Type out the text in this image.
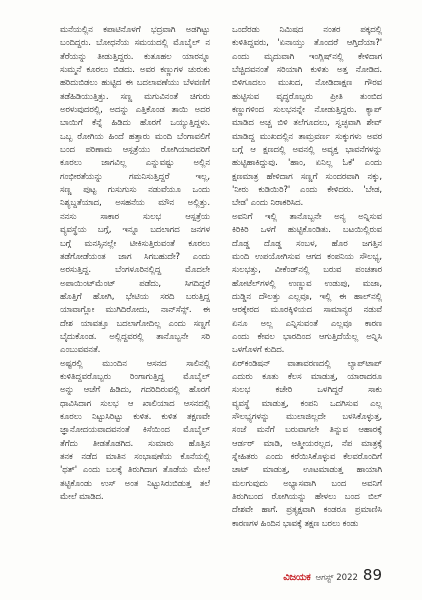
ಮನೆಯಲ್ಲಿನ ಕಪಾಟಿನೊಳಗೆ ಭದ್ರವಾಗಿ ಅಡಗಿಟ್ಟು
ಬಂದಿದ್ದರು. ಬೋಧನೆಯ ಸಮಯದಲ್ಲಿ ಮೊಬೈಲ್ ನ
ತೆರೆಯನ್ನು ತೀಡುತ್ತಿದ್ದರು. ಕುತೂಹಲ ಯಾರನ್ನೂ
ಸುಮ್ಮನೆ ಕೂರಲು ಬಿಡದು. ಅವರ ಕಣ್ಣುಗಳ ಚುರುಕು
ಹರಿದುಬಿಡಲು ಹುಟ್ಟಿದ ಈ ಬದಲಾವಣೆಯು ಬೆಳವಣಿಗೆ
ತಡೆಹಿಡಿಯುತ್ತಿತ್ತು. ಸಣ್ಣ ಮಗುವಿನಂತೆ ಚಿಗುರು
ಅರಳುವುದರಲ್ಲಿ, ಅದನ್ನು ಎತ್ತಿಕೊಂಡ ತಾಯಿ ಅದರ
ಬಾಯಿಗೆ ಕೆನ್ನೆ ಹಿಡಿದು ಹೊರಗೆ ಒಯ್ಯುತ್ತಿದ್ದಳು.
ಒಬ್ಬ ರೋಗಿಯ ಹಿಂದೆ ಹತ್ತಾರು ಮಂದಿ ಬೆಂಗಾವಲಿಗೆ
ಬಂದ ಪರಿಣಾಮ ಆಸ್ಪತ್ರೆಯು ರೋಗಿಯಾದವರಿಗೆ
ಕೂರಲು ಜಾಗವಿಲ್ಲ ಎನ್ನುವಷ್ಟು ಅಲ್ಲಿನ
ಗಂಭೀರತೆಯನ್ನು ಗಮನಿಸುತ್ತಿದ್ದರೆ ಇಲ್ಲ,
ಸಣ್ಣ ಪುಟ್ಟ ಗುಸುಗುಸು ನಡುವೆಯೂ ಒಂದು
ನಿಶ್ಯಬ್ದತೆಯಾದ, ಅಸಹನೆಯ ಮೌನ ಅಲ್ಲಿತ್ತು.
ನನಸು ಸಾಕಾರ ಸುಲಭ ಆಸ್ಪತ್ರೆಯ
ವ್ಯವಸ್ಥೆಯ ಬಗ್ಗೆ, ಇನ್ನೂ ಬದಲಾಗದ ಜನಗಳ
ಬಗ್ಗೆ ಮನಸ್ಸಿನಲ್ಲೇ ಟೀಕಿಸುತ್ತಿರುವಂತೆ ಕೂರಲು
ತಡೆಗೋಡೆಯಂತ ಜಾಗ ಸಿಗಬಹುದೇ? ಎಂದು
ಅರಸುತ್ತಿದ್ದ. ಬೆಂಗಳೂರಿನಲ್ಲಿದ್ದ ಮೊದಲೇ
ಅಪಾಯಿಂಟ್‌ಮೆಂಟ್ ಪಡೆದು, ಸಿಗದಿದ್ದರೆ
ಹೊತ್ತಿಗೆ ಹೋಗಿ, ಭೇಟಿಯ ಸರದಿ ಬರುತ್ತಿದ್ದ
ಯಾವಾಗ್ಲೋ ಮುಗಿದಿರೋದು, ನಾನ್‌ಸೆನ್ಸ್. ಈ
ದೇಶ ಯಾವತ್ತೂ ಬದಲಾಗೋದಿಲ್ಲ ಎಂದು ಸಣ್ಣಗೆ
ಬೈದುಕೊಂಡ. ಅಲ್ಲಿದ್ದವರಲ್ಲಿ ತಾನೊಬ್ಬನೇ ಸರಿ
ಎಂಬುವವನತೆ.
ಅಷ್ಟರಲ್ಲಿ ಮುಂದಿನ ಆಸನದ ಸಾಲಿನಲ್ಲಿ
ಕುಳಿತಿದ್ದವರೊಬ್ಬರು ರಿಂಗಾಗುತ್ತಿದ್ದ ಮೊಬೈಲ್
ಅನ್ನು ಆಚೆಗೆ ಹಿಡಿದು, ಗದರಿದಿರುವಲ್ಲಿ ಹೊರಗೆ
ಧಾವಿಸಿದಾಗ ಸುಲಭ ಆ ಖಾಲಿಯಾದ ಆಸನದಲ್ಲಿ
ಕೂರಲು ನಿಟ್ಟುಸಿರಿಟ್ಟು ಕುಳಿತ. ಕುಳಿತ ತಕ್ಷಣವೇ
ಜ್ಞಾನೋದಯವಾದವನಂತೆ ಕಿಸೆಯಿಂದ ಮೊಬೈಲ್
ತೆಗೆದು ತೀಡತೊಡಗಿದ. ಸುಮಾರು ಹೊತ್ತಿನ
ತನಕ ನಡೆದ ಮಾತಿನ ಸಂಭಾಷಣೆಯ ಕೊನೆಯಲ್ಲಿ
'ಥತ್' ಎಂದು ಬಲಕ್ಕೆ ತಿರುಗಿದಾಗ ತೊಡೆಯ ಮೇಲೆ
ತಟ್ಟಿಕೊಂಡು ಉಸ್ ಅಂತ ನಿಟ್ಟುಸಿರುಬಿಡುತ್ತ ತಲೆ
ಮೇಲೆ ಮಾಡಿದ.
ಒಂದೆರಡು ನಿಮಿಷದ ನಂತರ ಪಕ್ಕದಲ್ಲಿ
ಕುಳಿತಿದ್ದವರು, 'ಏನಾಯ್ತು ತೊಂದರೆ ಆಗ್ತಿದೆಯಾ?'
ಎಂದು ಮೃದುವಾಗಿ ಇಂಗ್ಲಿಷ್‌ನಲ್ಲಿ ಕೇಳಿದಾಗ
ಬೆಚ್ಚಿದವನಂತೆ ಸರಿಯಾಗಿ ಕುಳಿತು ಅತ್ತ ನೋಡಿದ.
ಬಿಳಿಗೂದಲು ಮುಖದ, ನೋಡಿದಾಕ್ಷಣ ಗೌರವ
ಹುಟ್ಟಿಸುವ ವೃದ್ಧರೊಬ್ಬರು ಪ್ರೀತಿ ತುಂಬಿದ
ಕಣ್ಣುಗಳಿಂದ ಸುಲಭನನ್ನೇ ನೋಡುತ್ತಿದ್ದರು. ಕ್ಯಾಪ್
ಮಾಡಿದ ಅಚ್ಚ ಬಿಳಿ ತಲೆಗೂದಲು, ಸ್ವಚ್ಛವಾಗಿ ಶೇವ್
ಮಾಡಿದ್ದ ಮುಖದಲ್ಲಿನ ತಾಮ್ರವರ್ಣ ಸುಕ್ಕುಗಳು ಅವರ
ಬಗ್ಗೆ ಆ ಕ್ಷಣದಲ್ಲಿ ಅವನಲ್ಲಿ ಅವ್ಯಕ್ತ ಭಾವನೆಗಳನ್ನು
ಹುಟ್ಟಿಹಾಕಿದ್ದುವು. 'ಹಾಂ, ಏನಿಲ್ಲ ಓಕೆ' ಎಂದು
ಕ್ಷಣಮಾತ್ರ ಹೇಳಿದಾಗ ಸಣ್ಣಗೆ ಸುಂದರವಾಗಿ ನಕ್ಕು,
'ನೀರು ಕುಡಿಯಿರಿ?' ಎಂದು ಕೇಳಿದರು. 'ಬೇಡ,
ಬೇಡ' ಎಂದು ನಿರಾಕರಿಸಿದ.
ಅವನಿಗೆ ಇಲ್ಲಿ ತಾನೊಬ್ಬನೇ ಅನ್ಯ ಅನ್ನಿಸುವ
ಕಿರಿಕಿರಿ ಒಳಗೆ ಹುಟ್ಟಿಕೊಂಡಿತು. ಬಟಯಿಲ್ಲಿರುವ
ದೊಡ್ಡ ದೊಡ್ಡ ಸಂಬಳ, ಹೊರ ಜಗತ್ತಿನ
ಮಂದಿ ಉಪಯೋಗಿಸುವ ಆಗದ ಕಂಪನಿಯ ಸೌಲಭ್ಯ,
ಸುಲಭತ್ತು, ವೀಕೆಂಡ್‌ನಲ್ಲಿ ಬರುವ ಪಂಚತಾರ
ಹೋಟೆಲ್‌ಗಳಲ್ಲಿ ಉಣ್ಣುವ ಉಡುಪು, ಮಜಾ,
ದುಡ್ಡಿನ ದೌಲತ್ತು ಎಲ್ಲವೂ, ಇಲ್ಲಿ ಈ ಹಾಲ್‌ನಲ್ಲಿ
ಆರಕ್ಕೇರದ ಮೂರಕ್ಕಿಳಿಯದ ಸಾಮಾನ್ಯರ ನಡುವೆ
ಏನೂ ಅಲ್ಲ ಎನ್ನಿಸುವಂತೆ ಎಲ್ಲವೂ ಕಾರಣ
ಎಂದು ಕೇವಲ ಭಾರದಿಂದ ಆಗುತ್ತಿದೆಯೆಲ್ಲ ಅನ್ನಿಸಿ
ಒಳಗೊಳಗೆ ಕುದಿದ.
ಏರ್‌ಕಂಡಿಷನ್ ವಾತಾವರಣದಲ್ಲಿ ಲ್ಯಾಪ್‌ಟಾಪ್
ಎದುರು ಕೂತು ಕೆಲಸ ಮಾಡುತ್ತ, ಯಾರಾದರೂ
ಸುಲಭ ಕಚೇರಿ ಒಳಗಿದ್ದರೆ ಸಾಕು
ವ್ಯವಸ್ಥೆ ಮಾಡುತ್ತ, ಕಂಪನಿ ಒದಗಿಸುವ ಎಲ್ಲ
ಸೌಲಭ್ಯಗಳನ್ನು ಮುಲಾಜಿಲ್ಲದೇ ಬಳಸಿಕೊಳ್ಳುತ್ತ,
ಸಂಜೆ ಮನೆಗೆ ಬರುವಾಗಲೇ ತಿನ್ನುವ ಆಹಾರಕ್ಕೆ
ಆರ್ಡರ್ ಮಾಡಿ, ಆತ್ಮೀಯರಲ್ಲದ, ನೆಪ ಮಾತ್ರಕ್ಕೆ
ಸ್ನೇಹಿತರು ಎಂದು ಕರೆಯಿಸಿಕೊಳ್ಳುವ ಕೆಲವರೊಂದಿಗೆ
ಚಾಟ್ ಮಾಡುತ್ತ, ಊಟಮಾಡುತ್ತ ಹಾಯಾಗಿ
ಮಲಗುವುದು ಅಭ್ಯಾಸವಾಗಿ ಬಂದ ಅವನಿಗೆ
ತಿರುಗಿಬಂದ ರೋಗಿಯನ್ನು ಹೇಳಲು ಬಂದ ಬಿಲ್
ದೇಶವೇ ಹಾಗೆ. ಪ್ರತ್ಯಕ್ಷವಾಗಿ ಕಂಡರೂ ಪ್ರಮಾಣಿಸಿ
ಕಾರಣಗಳ ಹಿಂದಿನ ಭಾವಕ್ಕೆ ತಕ್ಷಣ ಬರಲು ಕಂಡು
ವಿಜಯಕ ಆಗಸ್ಟ್ 2022 89
